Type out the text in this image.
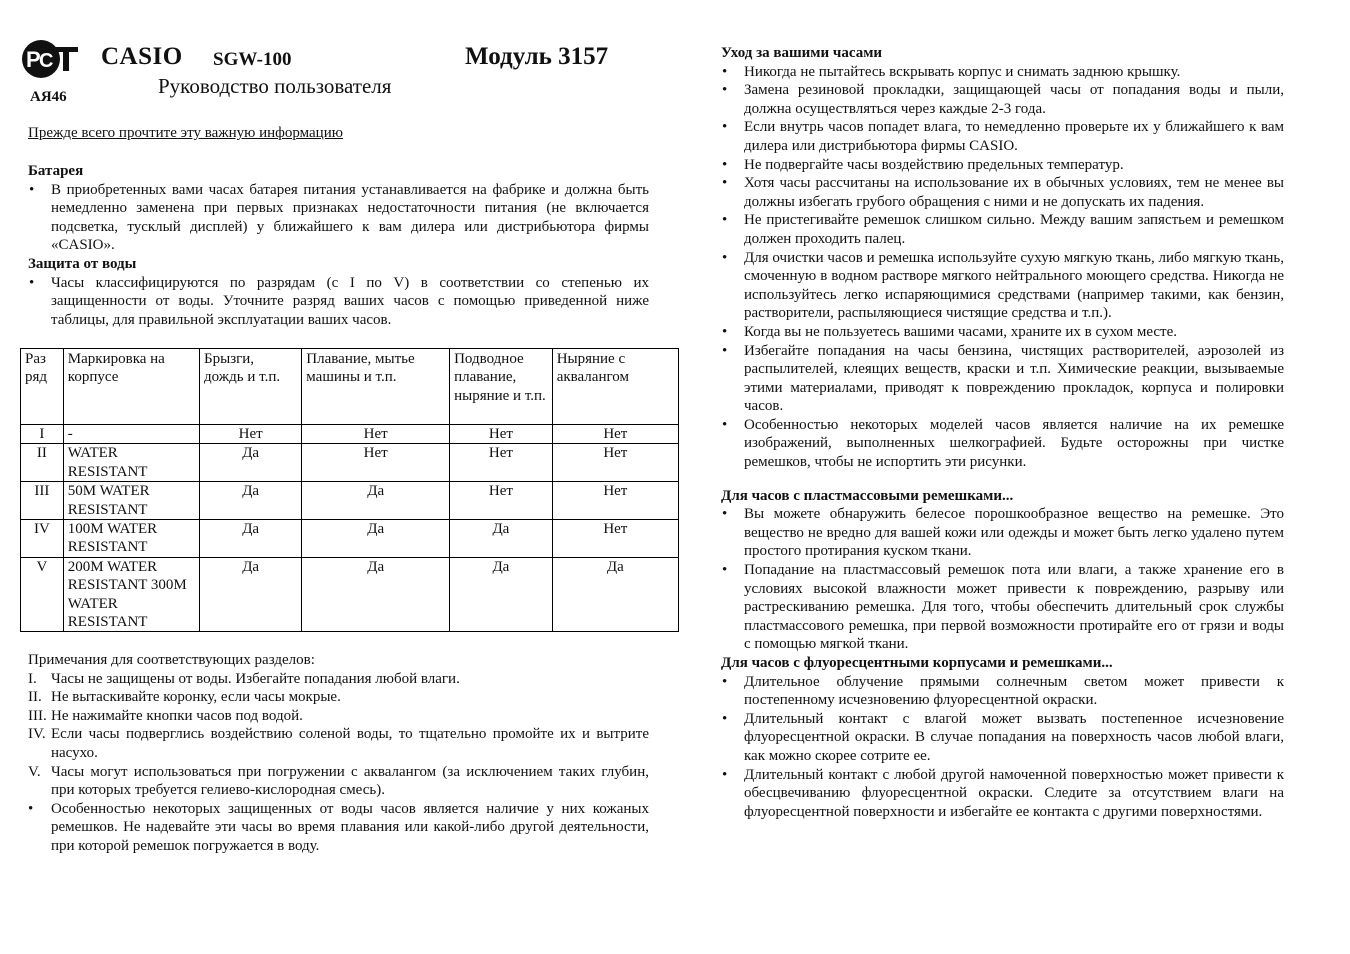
Р
С
АЯ46
CASIO SGW-100	Модуль 3157
Руководство пользователя
Прежде всего прочтите эту важную информацию
Батарея
• В приобретенных вами часах батарея питания устанавливается на фабрике и должна быть немедленно заменена при первых признаках недостаточности питания (не включается подсветка, тусклый дисплей) у ближайшего к вам дилера или дистрибьютора фирмы «CASIO».
Защита от воды
• Часы классифицируются по разрядам (с I по V) в соответствии со степенью их защищенности от воды. Уточните разряд ваших часов с помощью приведенной ниже таблицы, для правильной эксплуатации ваших часов.
Раз ряд	Маркировка на корпусе	Брызги, дождь и т.п.	Плавание, мытье машины и т.п.	Подводное плавание, ныряние и т.п.	Ныряние с аквалангом
I	-	Нет	Нет	Нет	Нет
II	WATER RESISTANT	Да	Нет	Нет	Нет
III	50M WATER RESISTANT	Да	Да	Нет	Нет
IV	100M WATER RESISTANT	Да	Да	Да	Нет
V	200M WATER RESISTANT 300M WATER RESISTANT	Да	Да	Да	Да
Примечания для соответствующих разделов:
I. Часы не защищены от воды. Избегайте попадания любой влаги.
II. Не вытаскивайте коронку, если часы мокрые.
III. Не нажимайте кнопки часов под водой.
IV. Если часы подверглись воздействию соленой воды, то тщательно промойте их и вытрите насухо.
V. Часы могут использоваться при погружении с аквалангом (за исключением таких глубин, при которых требуется гелиево-кислородная смесь).
• Особенностью некоторых защищенных от воды часов является наличие у них кожаных ремешков. Не надевайте эти часы во время плавания или какой-либо другой деятельности, при которой ремешок погружается в воду.
Уход за вашими часами
• Никогда не пытайтесь вскрывать корпус и снимать заднюю крышку.
• Замена резиновой прокладки, защищающей часы от попадания воды и пыли, должна осуществляться через каждые 2-3 года.
• Если внутрь часов попадет влага, то немедленно проверьте их у ближайшего к вам дилера или дистрибьютора фирмы CASIO.
• Не подвергайте часы воздействию предельных температур.
• Хотя часы рассчитаны на использование их в обычных условиях, тем не менее вы должны избегать грубого обращения с ними и не допускать их падения.
• Не пристегивайте ремешок слишком сильно. Между вашим запястьем и ремешком должен проходить палец.
• Для очистки часов и ремешка используйте сухую мягкую ткань, либо мягкую ткань, смоченную в водном растворе мягкого нейтрального моющего средства. Никогда не используйтесь легко испаряющимися средствами (например такими, как бензин, растворители, распыляющиеся чистящие средства и т.п.).
• Когда вы не пользуетесь вашими часами, храните их в сухом месте.
• Избегайте попадания на часы бензина, чистящих растворителей, аэрозолей из распылителей, клеящих веществ, краски и т.п. Химические реакции, вызываемые этими материалами, приводят к повреждению прокладок, корпуса и полировки часов.
• Особенностью некоторых моделей часов является наличие на их ремешке изображений, выполненных шелкографией. Будьте осторожны при чистке ремешков, чтобы не испортить эти рисунки.
Для часов с пластмассовыми ремешками...
• Вы можете обнаружить белесое порошкообразное вещество на ремешке. Это вещество не вредно для вашей кожи или одежды и может быть легко удалено путем простого протирания куском ткани.
• Попадание на пластмассовый ремешок пота или влаги, а также хранение его в условиях высокой влажности может привести к повреждению, разрыву или растрескиванию ремешка. Для того, чтобы обеспечить длительный срок службы пластмассового ремешка, при первой возможности протирайте его от грязи и воды с помощью мягкой ткани.
Для часов с флуоресцентными корпусами и ремешками...
• Длительное облучение прямыми солнечным светом может привести к постепенному исчезновению флуоресцентной окраски.
• Длительный контакт с влагой может вызвать постепенное исчезновение флуоресцентной окраски. В случае попадания на поверхность часов любой влаги, как можно скорее сотрите ее.
• Длительный контакт с любой другой намоченной поверхностью может привести к обесцвечиванию флуоресцентной окраски. Следите за отсутствием влаги на флуоресцентной поверхности и избегайте ее контакта с другими поверхностями.
